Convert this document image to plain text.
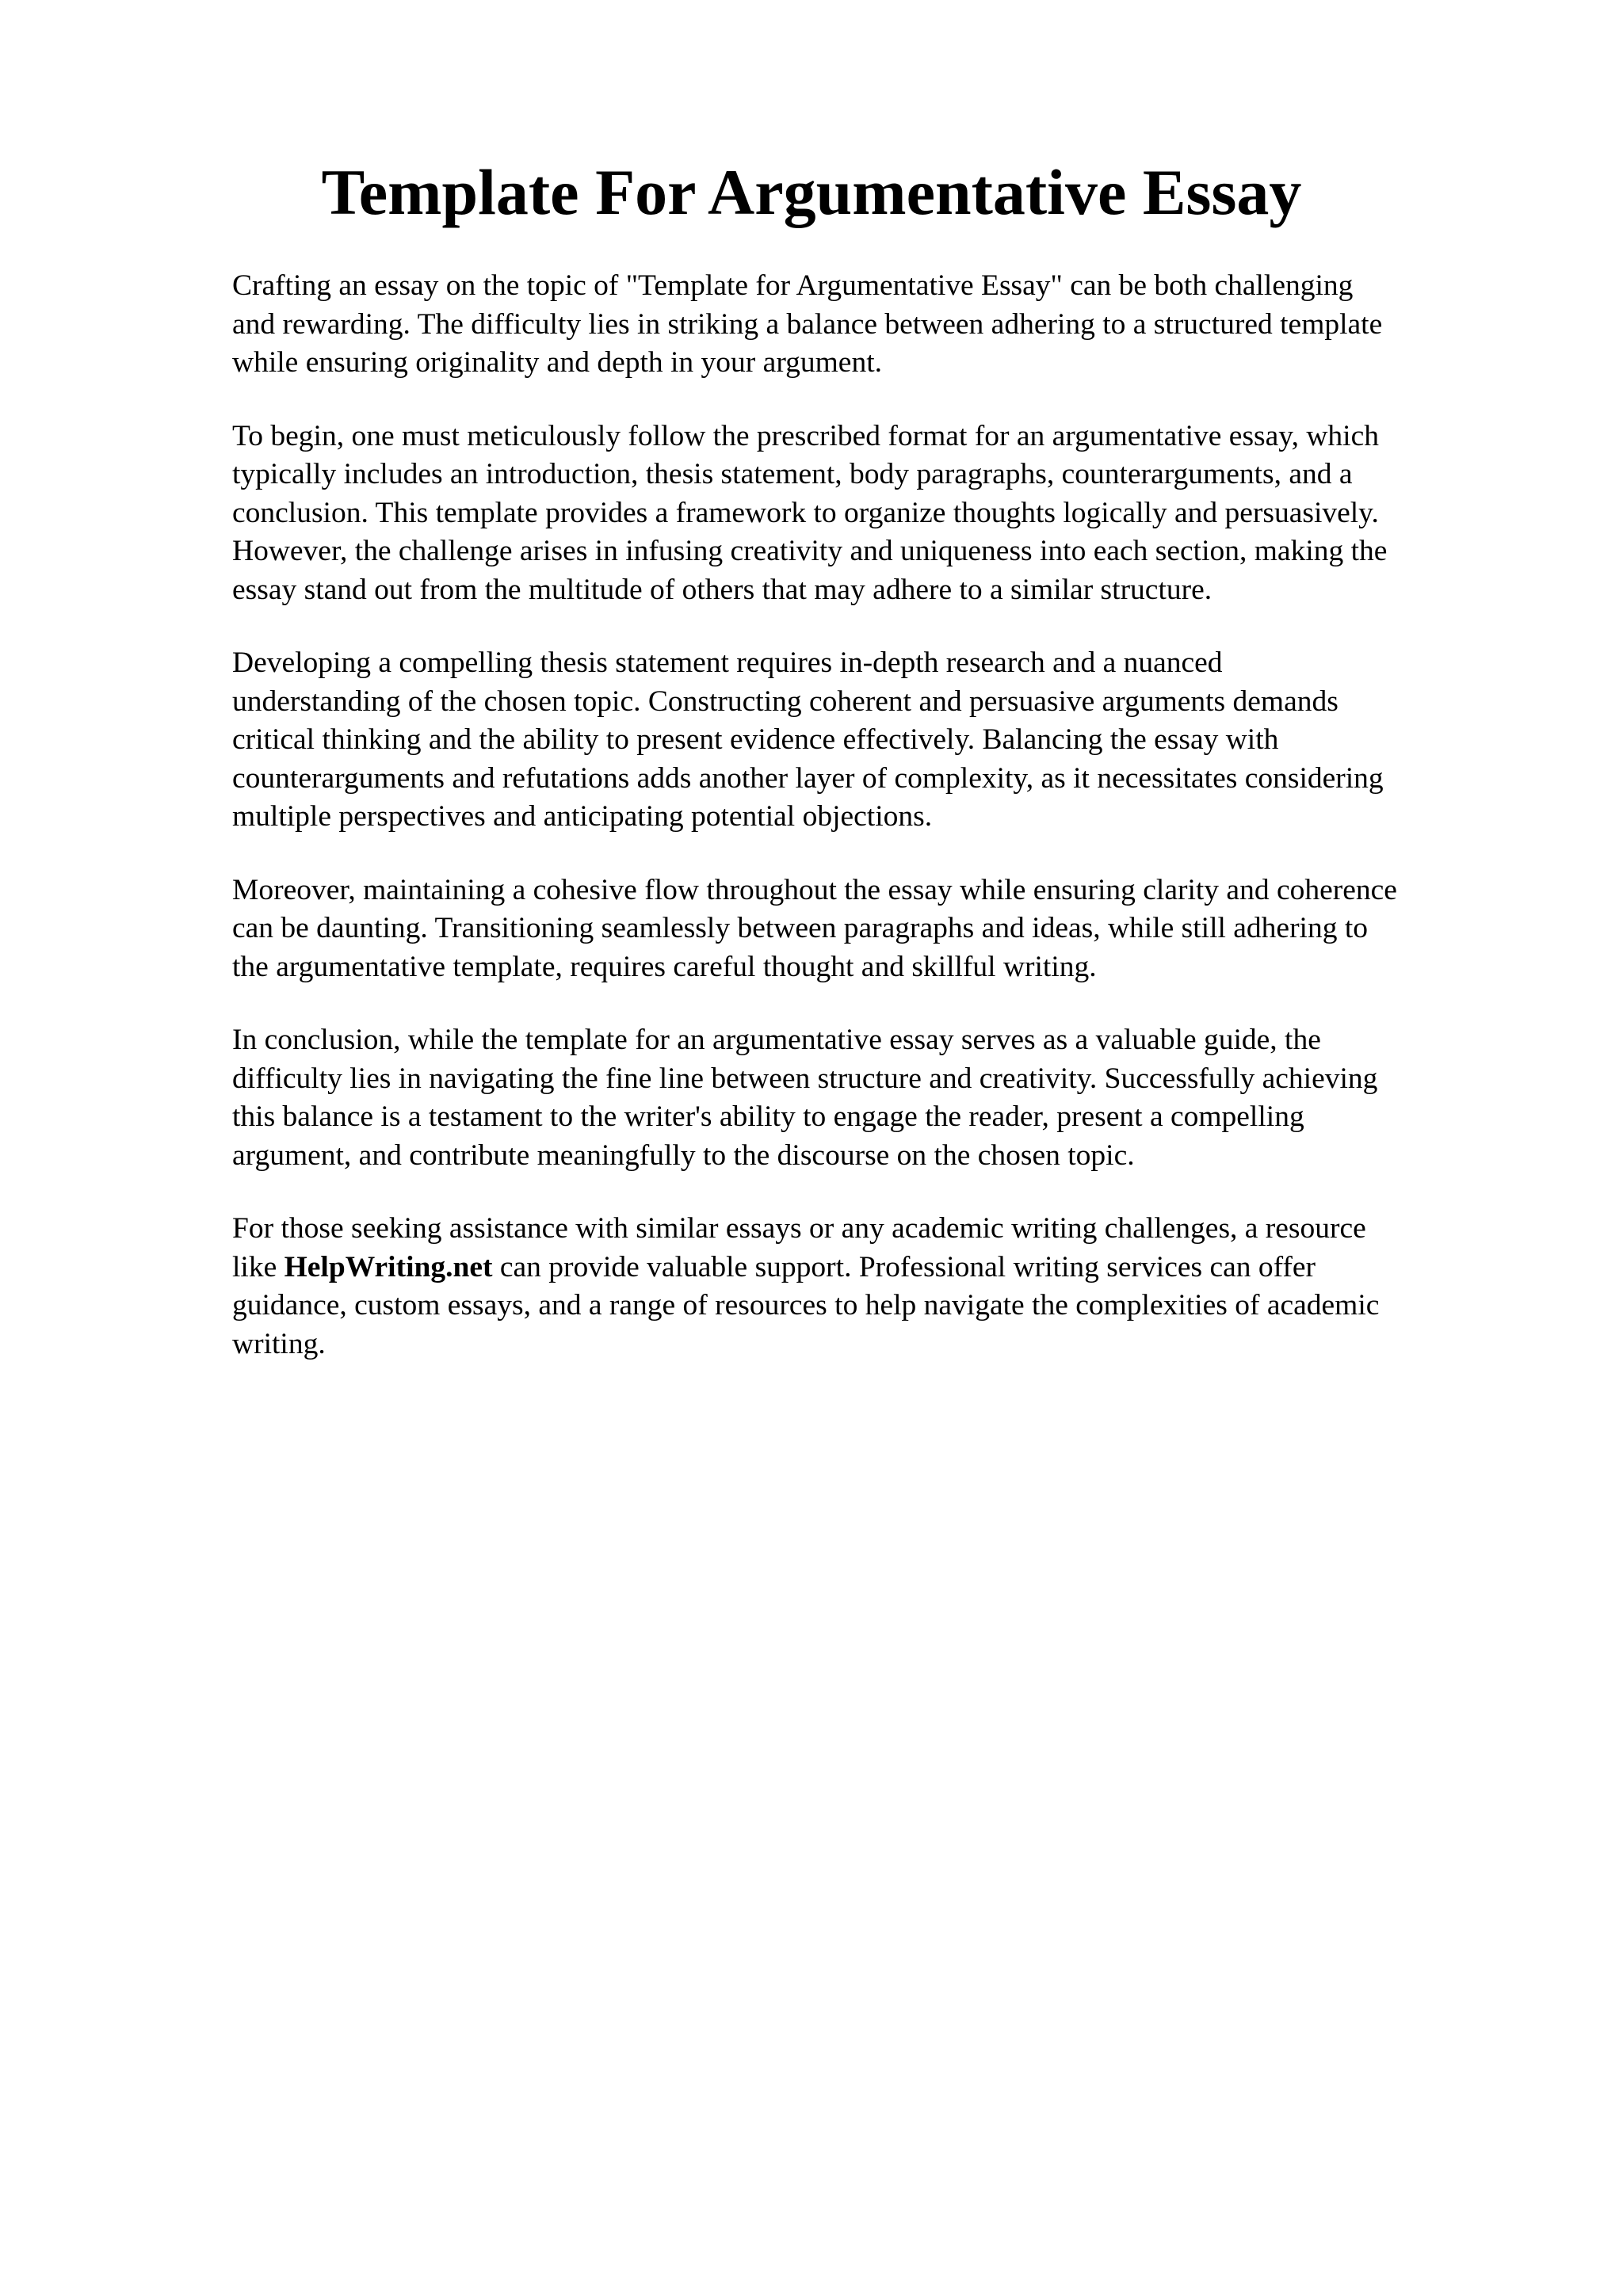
Template For Argumentative Essay

Crafting an essay on the topic of "Template for Argumentative Essay" can be both challenging
and rewarding. The difficulty lies in striking a balance between adhering to a structured template
while ensuring originality and depth in your argument.

To begin, one must meticulously follow the prescribed format for an argumentative essay, which
typically includes an introduction, thesis statement, body paragraphs, counterarguments, and a
conclusion. This template provides a framework to organize thoughts logically and persuasively.
However, the challenge arises in infusing creativity and uniqueness into each section, making the
essay stand out from the multitude of others that may adhere to a similar structure.

Developing a compelling thesis statement requires in-depth research and a nuanced
understanding of the chosen topic. Constructing coherent and persuasive arguments demands
critical thinking and the ability to present evidence effectively. Balancing the essay with
counterarguments and refutations adds another layer of complexity, as it necessitates considering
multiple perspectives and anticipating potential objections.

Moreover, maintaining a cohesive flow throughout the essay while ensuring clarity and coherence
can be daunting. Transitioning seamlessly between paragraphs and ideas, while still adhering to
the argumentative template, requires careful thought and skillful writing.

In conclusion, while the template for an argumentative essay serves as a valuable guide, the
difficulty lies in navigating the fine line between structure and creativity. Successfully achieving
this balance is a testament to the writer's ability to engage the reader, present a compelling
argument, and contribute meaningfully to the discourse on the chosen topic.

For those seeking assistance with similar essays or any academic writing challenges, a resource
like HelpWriting.net can provide valuable support. Professional writing services can offer
guidance, custom essays, and a range of resources to help navigate the complexities of academic
writing.
